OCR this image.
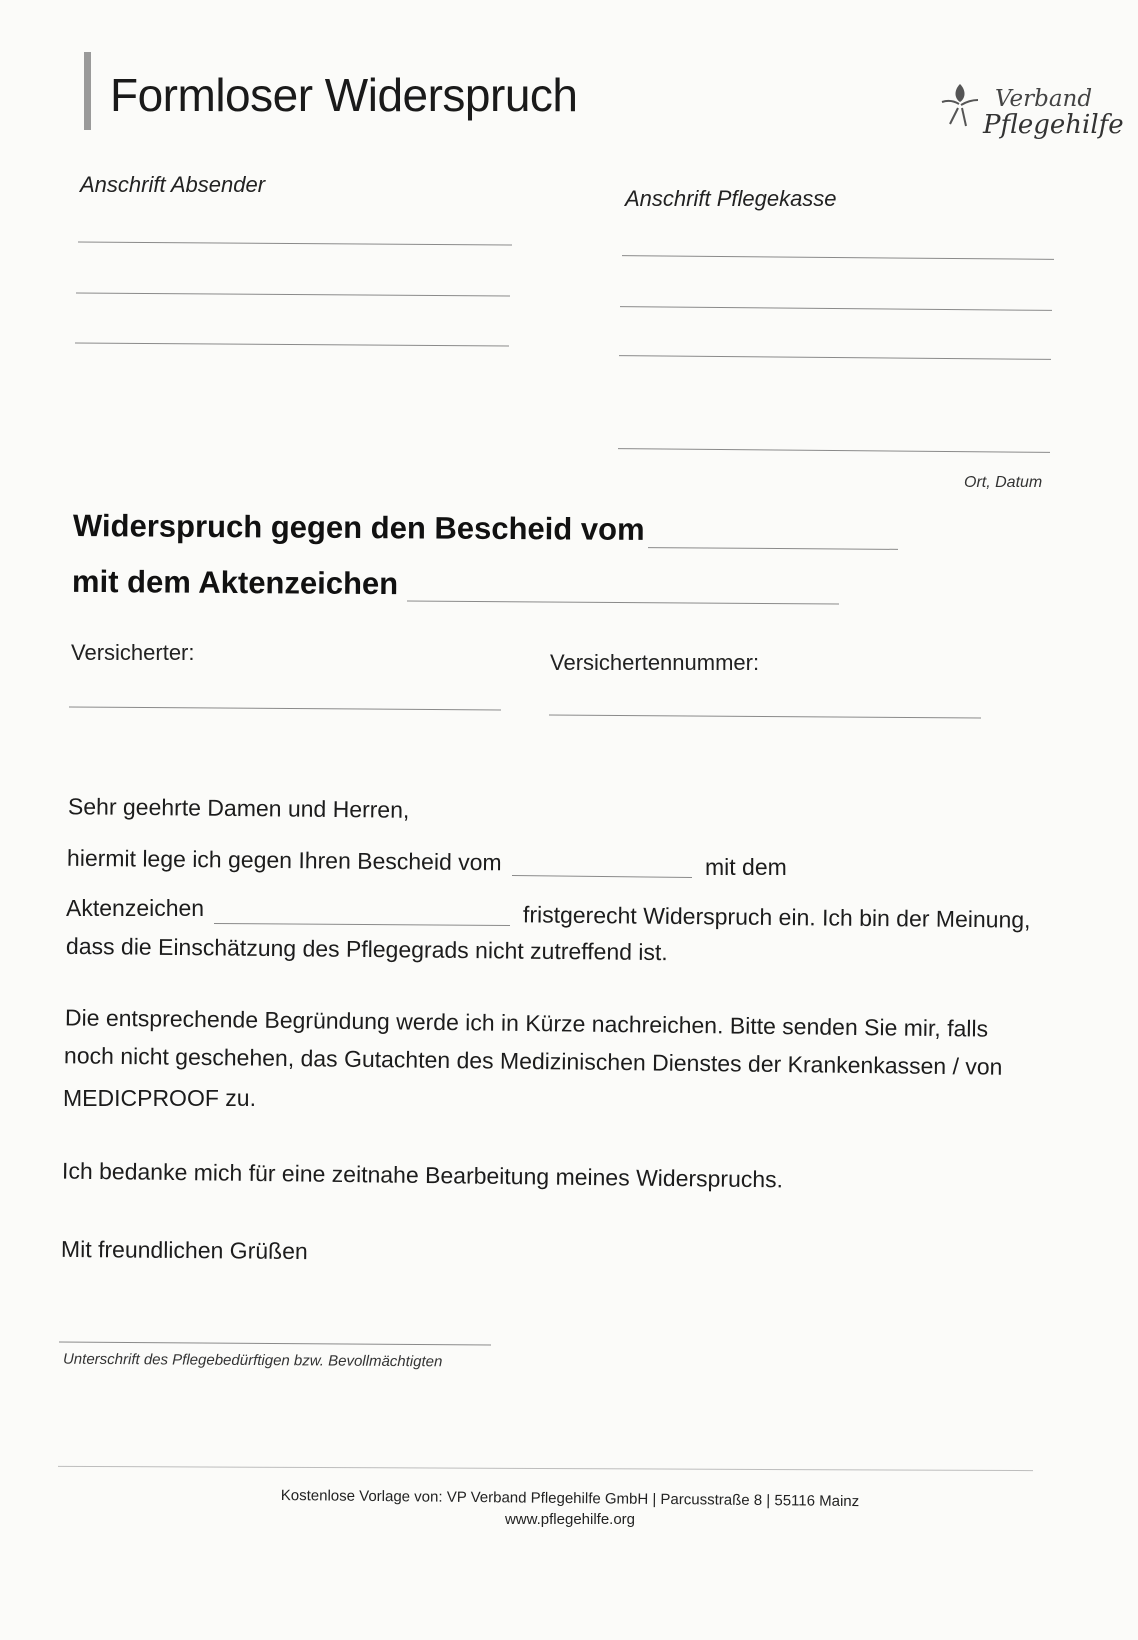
Formloser Widerspruch	Verband
Pflegehilfe
Anschrift Absender
Anschrift Pflegekasse
Ort, Datum
Widerspruch gegen den Bescheid vom
mit dem Aktenzeichen
Versicherter:	Versichertennummer:
Sehr geehrte Damen und Herren,
hiermit lege ich gegen Ihren Bescheid vom	mit dem
Aktenzeichen	fristgerecht Widerspruch ein. Ich bin der Meinung,
dass die Einschätzung des Pflegegrads nicht zutreffend ist.
Die entsprechende Begründung werde ich in Kürze nachreichen. Bitte senden Sie mir, falls
noch nicht geschehen, das Gutachten des Medizinischen Dienstes der Krankenkassen / von
MEDICPROOF zu.
Ich bedanke mich für eine zeitnahe Bearbeitung meines Widerspruchs.
Mit freundlichen Grüßen
Unterschrift des Pflegebedürftigen bzw. Bevollmächtigten
Kostenlose Vorlage von: VP Verband Pflegehilfe GmbH | Parcusstraße 8 | 55116 Mainz
www.pflegehilfe.org
